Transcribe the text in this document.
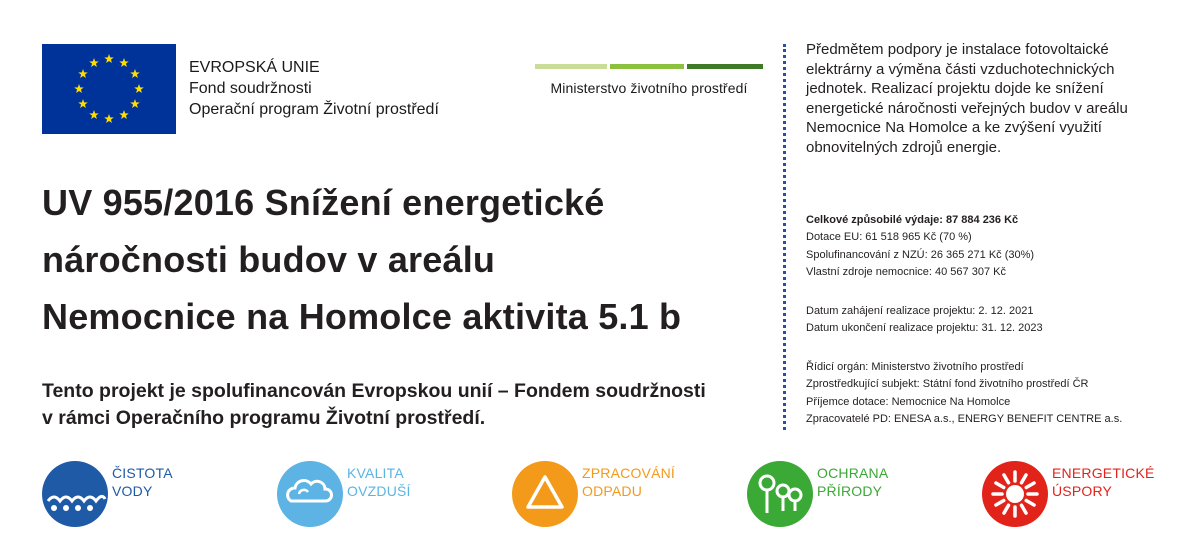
EVROPSKÁ UNIE
Fond soudržnosti
Operační program Životní prostředí
Ministerstvo životního prostředí
UV 955/2016 Snížení energetické
náročnosti budov v areálu
Nemocnice na Homolce aktivita 5.1 b
Tento projekt je spolufinancován Evropskou unií – Fondem soudržnosti
v rámci Operačního programu Životní prostředí.
Předmětem podpory je instalace fotovoltaické
elektrárny a výměna části vzduchotechnických
jednotek. Realizací projektu dojde ke snížení
energetické náročnosti veřejných budov v areálu
Nemocnice Na Homolce a ke zvýšení využití
obnovitelných zdrojů energie.
Celkové způsobilé výdaje: 87 884 236 Kč
Dotace EU: 61 518 965 Kč (70 %)
Spolufinancování z NZÚ: 26 365 271 Kč (30%)
Vlastní zdroje nemocnice: 40 567 307 Kč
Datum zahájení realizace projektu: 2. 12. 2021
Datum ukončení realizace projektu: 31. 12. 2023
Řídicí orgán: Ministerstvo životního prostředí
Zprostředkující subjekt: Státní fond životního prostředí ČR
Příjemce dotace: Nemocnice Na Homolce
Zpracovatelé PD: ENESA a.s., ENERGY BENEFIT CENTRE a.s.
ČISTOTA
VODY
KVALITA
OVZDUŠÍ
ZPRACOVÁNÍ
ODPADU
OCHRANA
PŘÍRODY
ENERGETICKÉ
ÚSPORY
